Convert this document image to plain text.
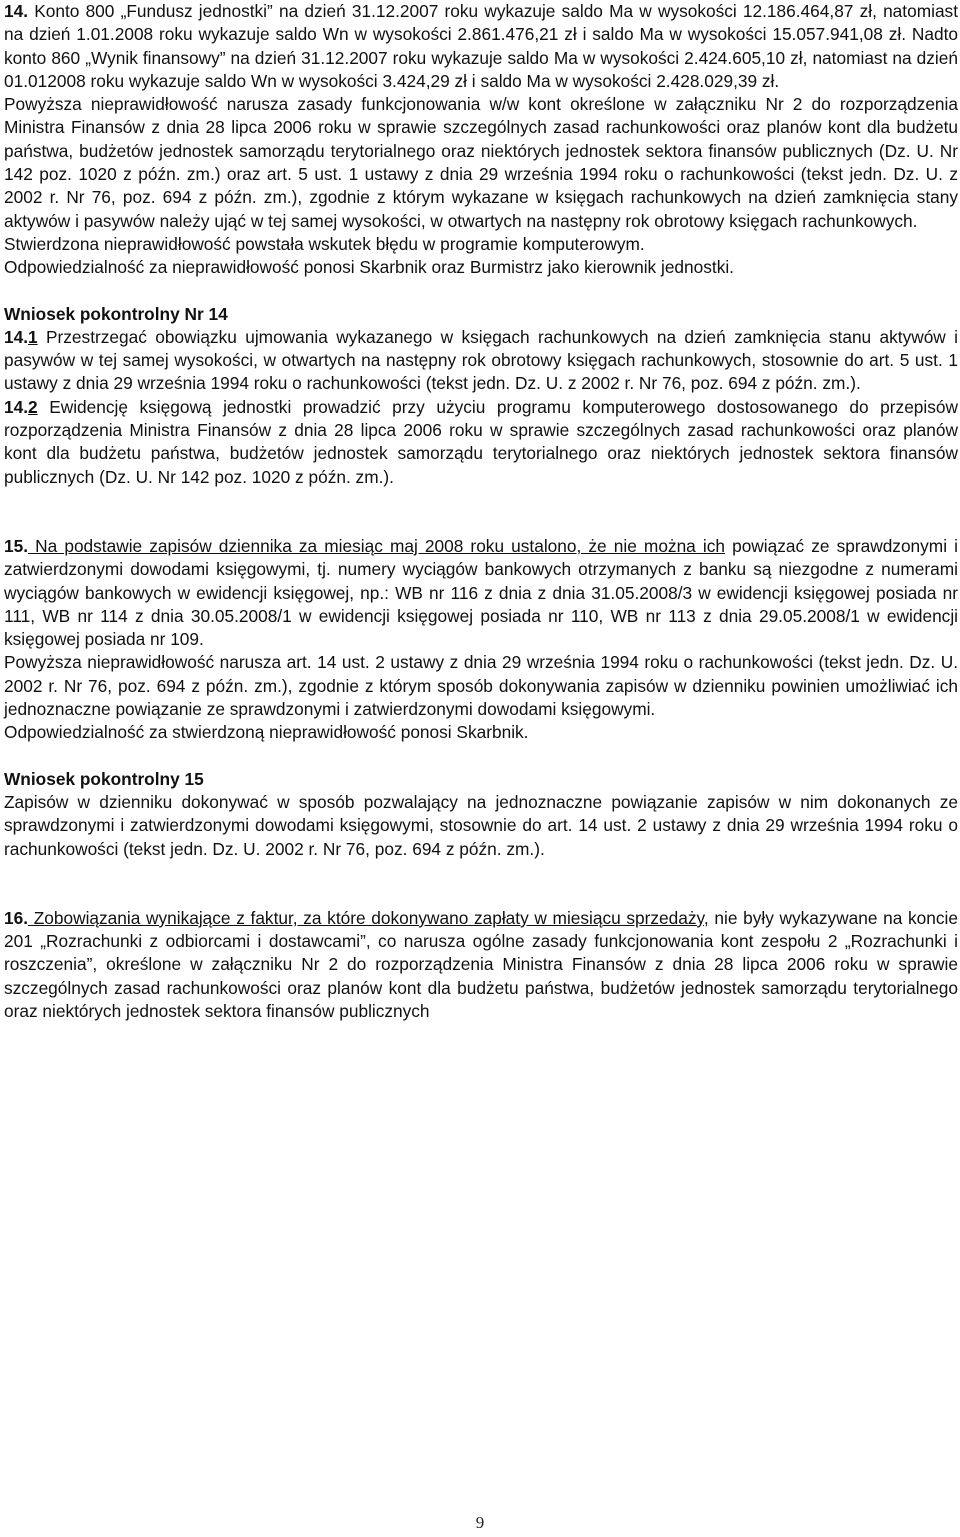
14. Konto 800 „Fundusz jednostki” na dzień 31.12.2007 roku wykazuje saldo Ma w wysokości 12.186.464,87 zł, natomiast na dzień 1.01.2008 roku wykazuje saldo Wn w wysokości 2.861.476,21 zł i saldo Ma w wysokości 15.057.941,08 zł. Nadto konto 860 „Wynik finansowy” na dzień 31.12.2007 roku wykazuje saldo Ma w wysokości 2.424.605,10 zł, natomiast na dzień 01.012008 roku wykazuje saldo Wn w wysokości 3.424,29 zł i saldo Ma w wysokości 2.428.029,39 zł.

Powyższa nieprawidłowość narusza zasady funkcjonowania w/w kont określone w załączniku Nr 2 do rozporządzenia Ministra Finansów z dnia 28 lipca 2006 roku w sprawie szczególnych zasad rachunkowości oraz planów kont dla budżetu państwa, budżetów jednostek samorządu terytorialnego oraz niektórych jednostek sektora finansów publicznych (Dz. U. Nr 142 poz. 1020 z późn. zm.) oraz art. 5 ust. 1 ustawy z dnia 29 września 1994 roku o rachunkowości (tekst jedn. Dz. U. z 2002 r. Nr 76, poz. 694 z późn. zm.), zgodnie z którym wykazane w księgach rachunkowych na dzień zamknięcia stany aktywów i pasywów należy ująć w tej samej wysokości, w otwartych na następny rok obrotowy księgach rachunkowych.

Stwierdzona nieprawidłowość powstała wskutek błędu w programie komputerowym.

Odpowiedzialność za nieprawidłowość ponosi Skarbnik oraz Burmistrz jako kierownik jednostki.

Wniosek pokontrolny Nr 14

14.1 Przestrzegać obowiązku ujmowania wykazanego w księgach rachunkowych na dzień zamknięcia stanu aktywów i pasywów w tej samej wysokości, w otwartych na następny rok obrotowy księgach rachunkowych, stosownie do art. 5 ust. 1 ustawy z dnia 29 września 1994 roku o rachunkowości (tekst jedn. Dz. U. z 2002 r. Nr 76, poz. 694 z późn. zm.).

14.2 Ewidencję księgową jednostki prowadzić przy użyciu programu komputerowego dostosowanego do przepisów rozporządzenia Ministra Finansów z dnia 28 lipca 2006 roku w sprawie szczególnych zasad rachunkowości oraz planów kont dla budżetu państwa, budżetów jednostek samorządu terytorialnego oraz niektórych jednostek sektora finansów publicznych (Dz. U. Nr 142 poz. 1020 z późn. zm.).

15. Na podstawie zapisów dziennika za miesiąc maj 2008 roku ustalono, że nie można ich powiązać ze sprawdzonymi i zatwierdzonymi dowodami księgowymi, tj. numery wyciągów bankowych otrzymanych z banku są niezgodne z numerami wyciągów bankowych w ewidencji księgowej, np.: WB nr 116 z dnia z dnia 31.05.2008/3 w ewidencji księgowej posiada nr 111, WB nr 114 z dnia 30.05.2008/1 w ewidencji księgowej posiada nr 110, WB nr 113 z dnia 29.05.2008/1 w ewidencji księgowej posiada nr 109.

Powyższa nieprawidłowość narusza art. 14 ust. 2 ustawy z dnia 29 września 1994 roku o rachunkowości (tekst jedn. Dz. U. 2002 r. Nr 76, poz. 694 z późn. zm.), zgodnie z którym sposób dokonywania zapisów w dzienniku powinien umożliwiać ich jednoznaczne powiązanie ze sprawdzonymi i zatwierdzonymi dowodami księgowymi.

Odpowiedzialność za stwierdzoną nieprawidłowość ponosi Skarbnik.

Wniosek pokontrolny 15

Zapisów w dzienniku dokonywać w sposób pozwalający na jednoznaczne powiązanie zapisów w nim dokonanych ze sprawdzonymi i zatwierdzonymi dowodami księgowymi, stosownie do art. 14 ust. 2 ustawy z dnia 29 września 1994 roku o rachunkowości (tekst jedn. Dz. U. 2002 r. Nr 76, poz. 694 z późn. zm.).

16. Zobowiązania wynikające z faktur, za które dokonywano zapłaty w miesiącu sprzedaży, nie były wykazywane na koncie 201 „Rozrachunki z odbiorcami i dostawcami”, co narusza ogólne zasady funkcjonowania kont zespołu 2 „Rozrachunki i roszczenia”, określone w załączniku Nr 2 do rozporządzenia Ministra Finansów z dnia 28 lipca 2006 roku w sprawie szczególnych zasad rachunkowości oraz planów kont dla budżetu państwa, budżetów jednostek samorządu terytorialnego oraz niektórych jednostek sektora finansów publicznych

9
